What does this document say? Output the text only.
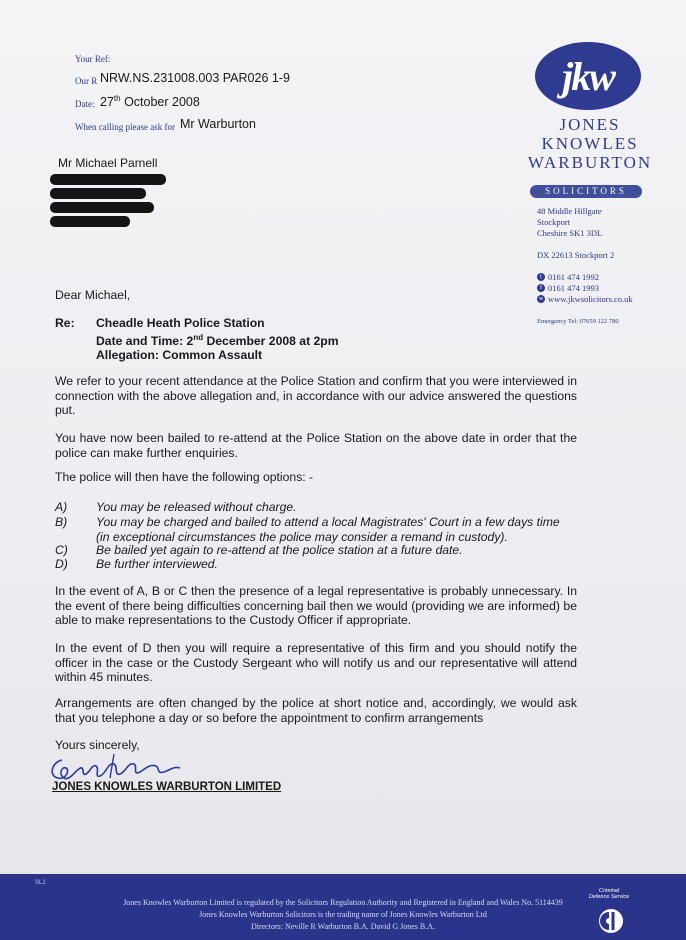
Your Ref:
Our R NRW.NS.231008.003 PAR026 1-9
Date: 27th October 2008
When calling please ask for Mr Warburton
Mr Michael Parnell
jkw
JONES
KNOWLES
WARBURTON
SOLICITORS
48 Middle Hillgate
Stockport
Cheshire SK1 3DL
DX 22613 Stockport 2
t 0161 474 1992
f 0161 474 1993
w www.jkwsolicitors.co.uk
Emergency Tel: 07659 122 780
Dear Michael,
Re: Cheadle Heath Police Station
Date and Time: 2nd December 2008 at 2pm
Allegation: Common Assault
We refer to your recent attendance at the Police Station and confirm that you were interviewed in connection with the above allegation and, in accordance with our advice answered the questions put.
You have now been bailed to re-attend at the Police Station on the above date in order that the police can make further enquiries.
The police will then have the following options: -
A) You may be released without charge.
B) You may be charged and bailed to attend a local Magistrates' Court in a few days time (in exceptional circumstances the police may consider a remand in custody).
C) Be bailed yet again to re-attend at the police station at a future date.
D) Be further interviewed.
In the event of A, B or C then the presence of a legal representative is probably unnecessary. In the event of there being difficulties concerning bail then we would (providing we are informed) be able to make representations to the Custody Officer if appropriate.
In the event of D then you will require a representative of this firm and you should notify the officer in the case or the Custody Sergeant who will notify us and our representative will attend within 45 minutes.
Arrangements are often changed by the police at short notice and, accordingly, we would ask that you telephone a day or so before the appointment to confirm arrangements
Yours sincerely,
JONES KNOWLES WARBURTON LIMITED
SL1
Jones Knowles Warburton Limited is regulated by the Solicitors Regulation Authority and Registered in England and Wales No. 5114439
Jones Knowles Warburton Solicitors is the trading name of Jones Knowles Warburton Ltd
Directors: Neville R Warburton B.A. David G Jones B.A.
Criminal
Defence Service
